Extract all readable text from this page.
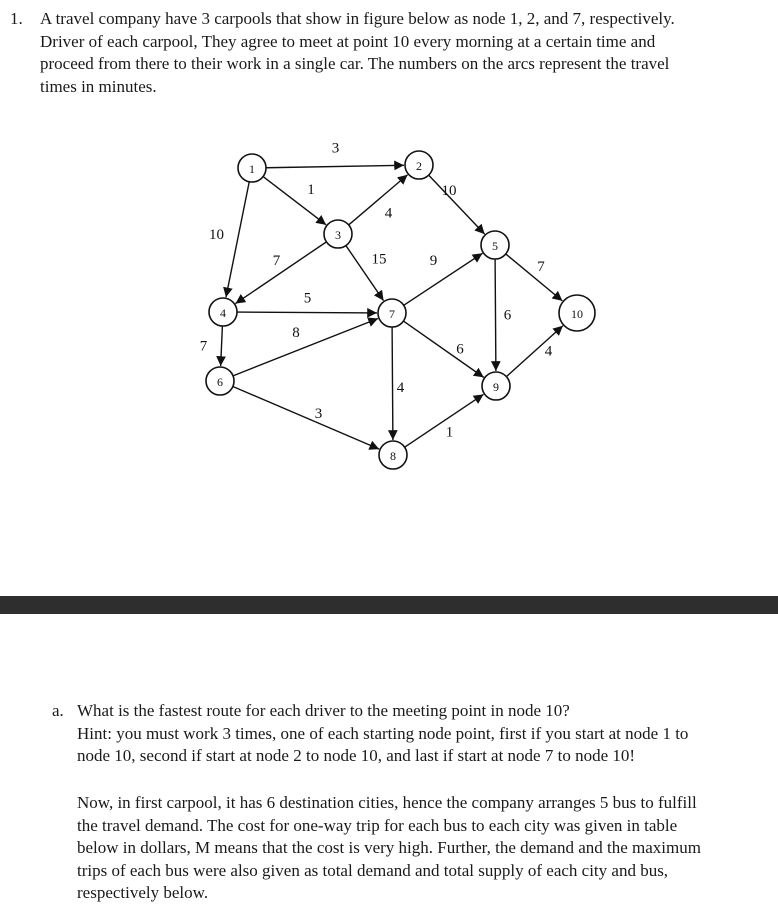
1. A travel company have 3 carpools that show in figure below as node 1, 2, and 7, respectively.
Driver of each carpool, They agree to meet at point 10 every morning at a certain time and
proceed from there to their work in a single car. The numbers on the arcs represent the travel
times in minutes.
3
1
10
4
10
7	15
5
7
8
3
9
4
6
6
7
4
1
1	2
3
4
5
6
7
8
9
10
a. What is the fastest route for each driver to the meeting point in node 10?
Hint: you must work 3 times, one of each starting node point, first if you start at node 1 to
node 10, second if start at node 2 to node 10, and last if start at node 7 to node 10!
Now, in first carpool, it has 6 destination cities, hence the company arranges 5 bus to fulfill
the travel demand. The cost for one-way trip for each bus to each city was given in table
below in dollars, M means that the cost is very high. Further, the demand and the maximum
trips of each bus were also given as total demand and total supply of each city and bus,
respectively below.
